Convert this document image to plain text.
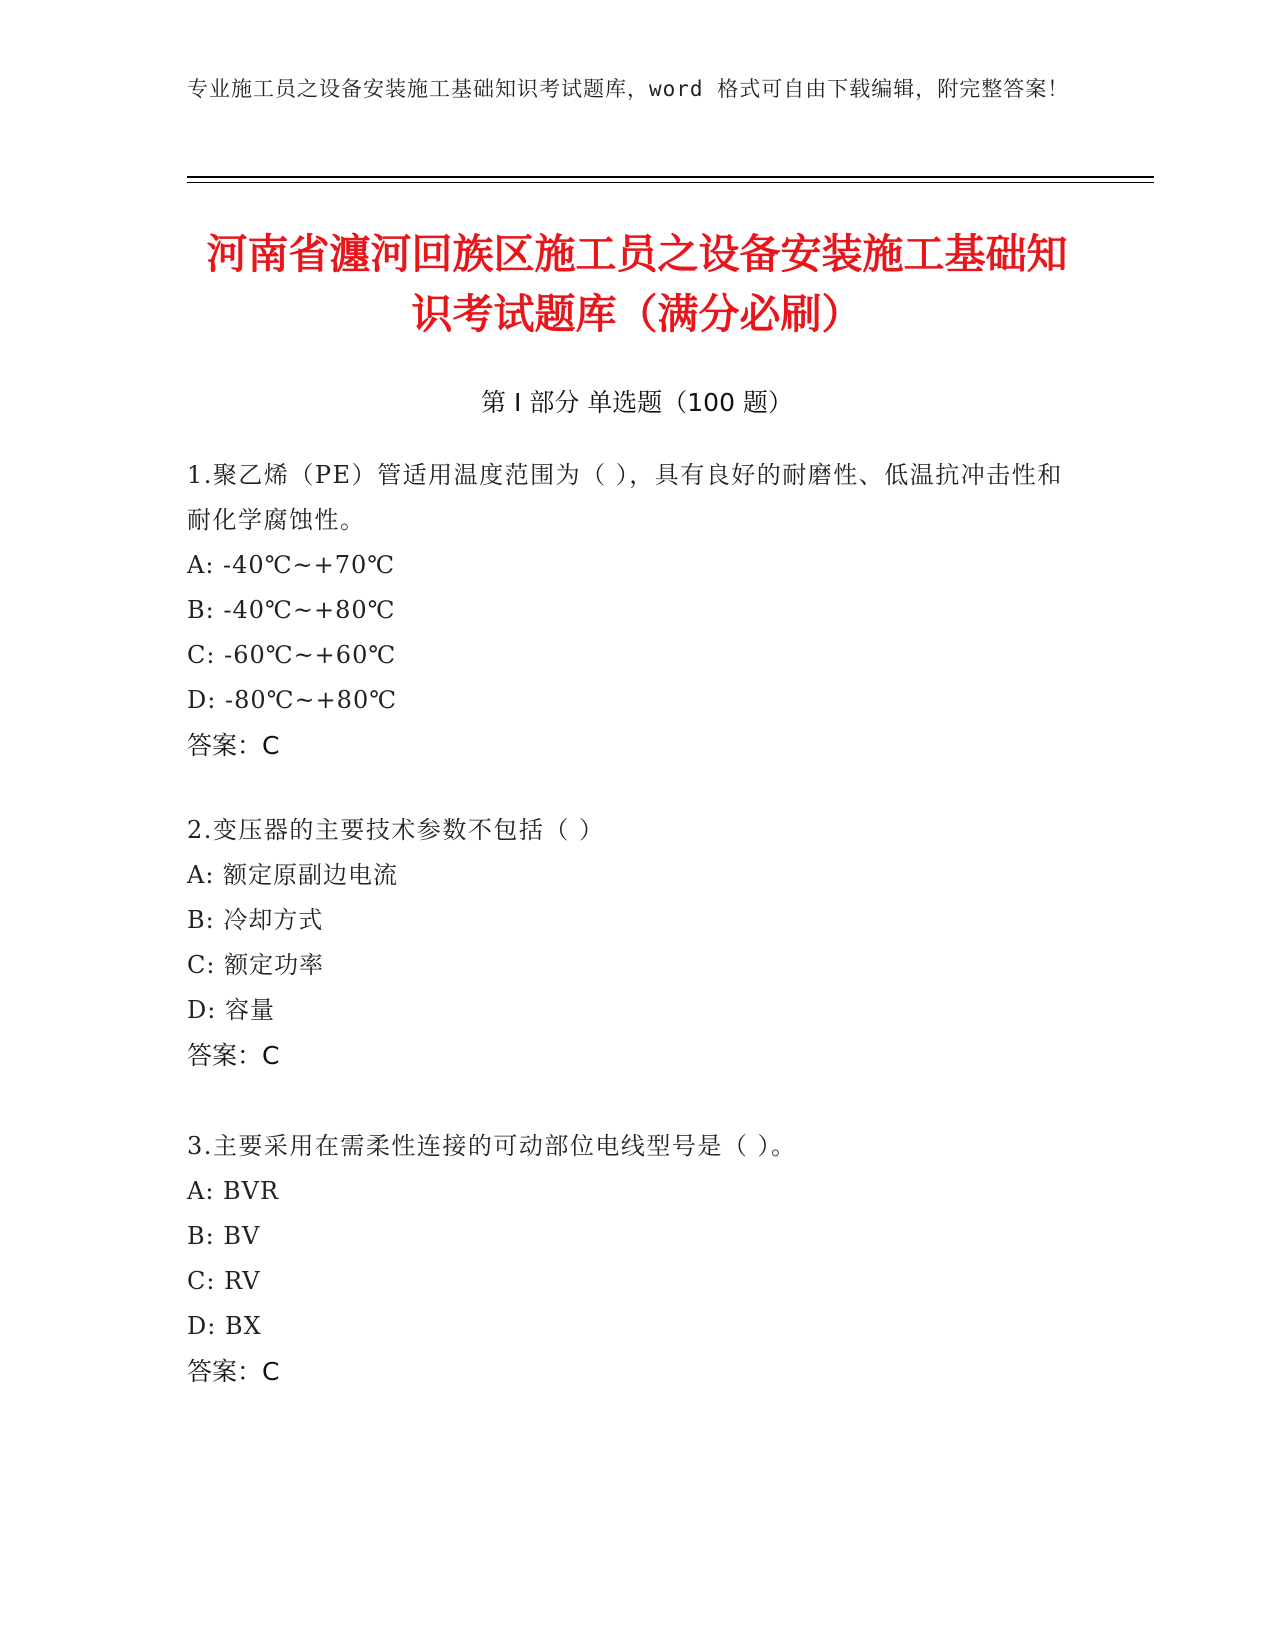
专业施工员之设备安装施工基础知识考试题库，word 格式可自由下载编辑，附完整答案！
河南省瀍河回族区施工员之设备安装施工基础知识考试题库（满分必刷）
第 I 部分 单选题（100 题）
1.聚乙烯（PE）管适用温度范围为（ ），具有良好的耐磨性、低温抗冲击性和耐化学腐蚀性。
A: -40℃~+70℃
B: -40℃~+80℃
C: -60℃~+60℃
D: -80℃~+80℃
答案：C
2.变压器的主要技术参数不包括（ ）
A: 额定原副边电流
B: 冷却方式
C: 额定功率
D: 容量
答案：C
3.主要采用在需柔性连接的可动部位电线型号是（ ）。
A: BVR
B: BV
C: RV
D: BX
答案：C
